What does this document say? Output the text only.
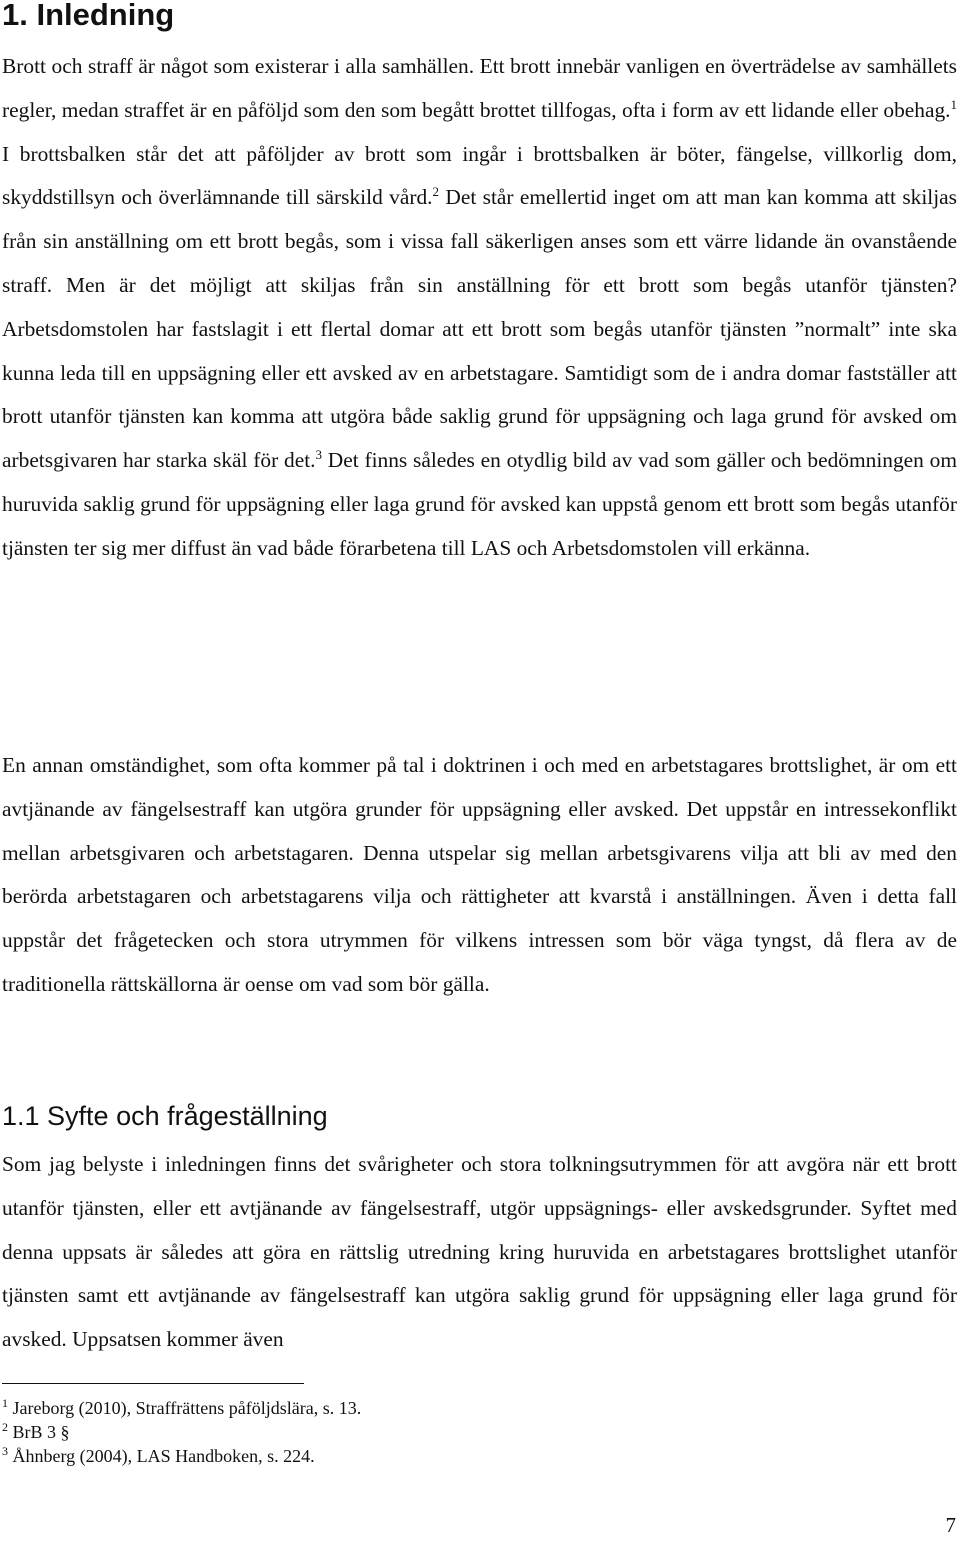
1. Inledning

Brott och straff är något som existerar i alla samhällen. Ett brott innebär vanligen en överträdelse av samhällets regler, medan straffet är en påföljd som den som begått brottet tillfogas, ofta i form av ett lidande eller obehag.$^1$ I brottsbalken står det att påföljder av brott som ingår i brottsbalken är böter, fängelse, villkorlig dom, skyddstillsyn och överlämnande till särskild vård.$^2$ Det står emellertid inget om att man kan komma att skiljas från sin anställning om ett brott begås, som i vissa fall säkerligen anses som ett värre lidande än ovanstående straff. Men är det möjligt att skiljas från sin anställning för ett brott som begås utanför tjänsten? Arbetsdomstolen har fastslagit i ett flertal domar att ett brott som begås utanför tjänsten ”normalt” inte ska kunna leda till en uppsägning eller ett avsked av en arbetstagare. Samtidigt som de i andra domar fastställer att brott utanför tjänsten kan komma att utgöra både saklig grund för uppsägning och laga grund för avsked om arbetsgivaren har starka skäl för det.$^3$ Det finns således en otydlig bild av vad som gäller och bedömningen om huruvida saklig grund för uppsägning eller laga grund för avsked kan uppstå genom ett brott som begås utanför tjänsten ter sig mer diffust än vad både förarbetena till LAS och Arbetsdomstolen vill erkänna.

En annan omständighet, som ofta kommer på tal i doktrinen i och med en arbetstagares brottslighet, är om ett avtjänande av fängelsestraff kan utgöra grunder för uppsägning eller avsked. Det uppstår en intressekonflikt mellan arbetsgivaren och arbetstagaren. Denna utspelar sig mellan arbetsgivarens vilja att bli av med den berörda arbetstagaren och arbetstagarens vilja och rättigheter att kvarstå i anställningen. Även i detta fall uppstår det frågetecken och stora utrymmen för vilkens intressen som bör väga tyngst, då flera av de traditionella rättskällorna är oense om vad som bör gälla.

1.1 Syfte och frågeställning

Som jag belyste i inledningen finns det svårigheter och stora tolkningsutrymmen för att avgöra när ett brott utanför tjänsten, eller ett avtjänande av fängelsestraff, utgör uppsägnings- eller avskedsgrunder. Syftet med denna uppsats är således att göra en rättslig utredning kring huruvida en arbetstagares brottslighet utanför tjänsten samt ett avtjänande av fängelsestraff kan utgöra saklig grund för uppsägning eller laga grund för avsked. Uppsatsen kommer även

$^1$ Jareborg (2010), Straffrättens påföljdslära, s. 13.
$^2$ BrB 3 §
$^3$ Åhnberg (2004), LAS Handboken, s. 224.
7
